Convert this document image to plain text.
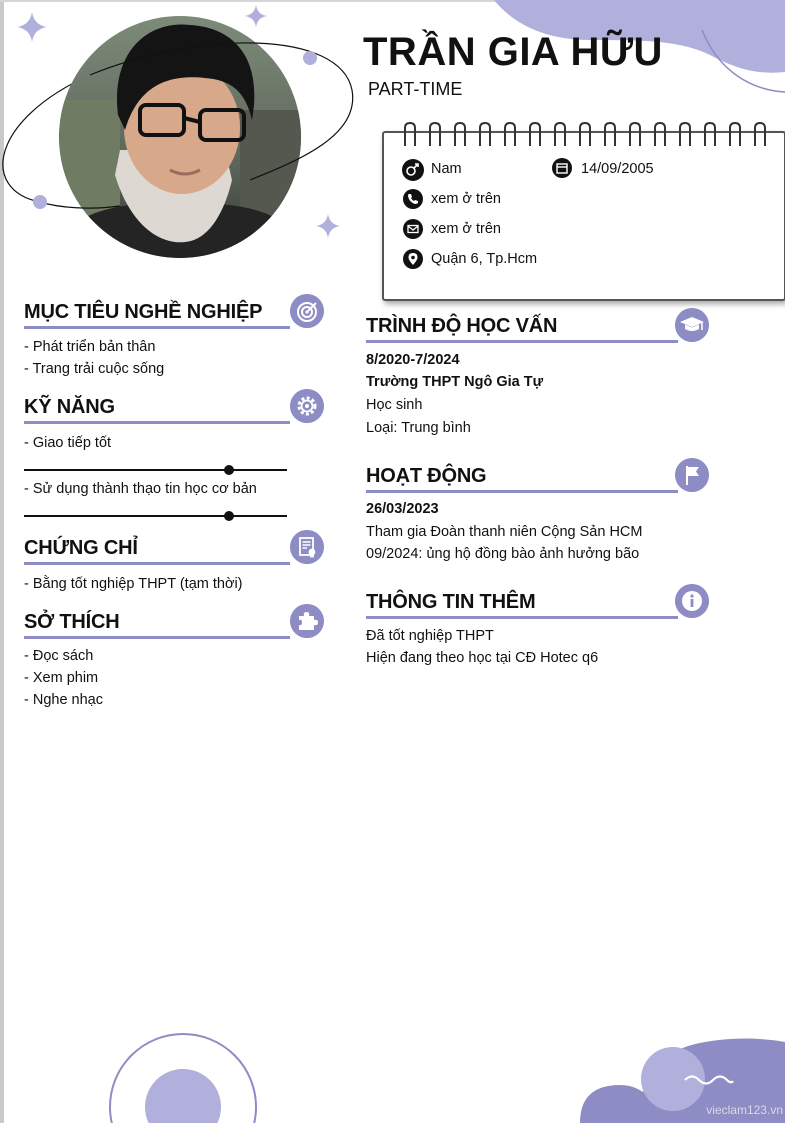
TRẦN GIA HỮU
PART-TIME
Nam	14/09/2005
xem ở trên
xem ở trên
Quận 6, Tp.Hcm
MỤC TIÊU NGHỀ NGHIỆP
- Phát triển bản thân
- Trang trải cuộc sống
KỸ NĂNG
- Giao tiếp tốt
- Sử dụng thành thạo tin học cơ bản
CHỨNG CHỈ
- Bằng tốt nghiệp THPT (tạm thời)
SỞ THÍCH
- Đọc sách
- Xem phim
- Nghe nhạc
TRÌNH ĐỘ HỌC VẤN
8/2020-7/2024
Trường THPT Ngô Gia Tự
Học sinh
Loại: Trung bình
HOẠT ĐỘNG
26/03/2023
Tham gia Đoàn thanh niên Cộng Sản HCM
09/2024: ủng hộ đồng bào ảnh hưởng bão
THÔNG TIN THÊM
Đã tốt nghiệp THPT
Hiện đang theo học tại CĐ Hotec q6
vieclam123.vn
